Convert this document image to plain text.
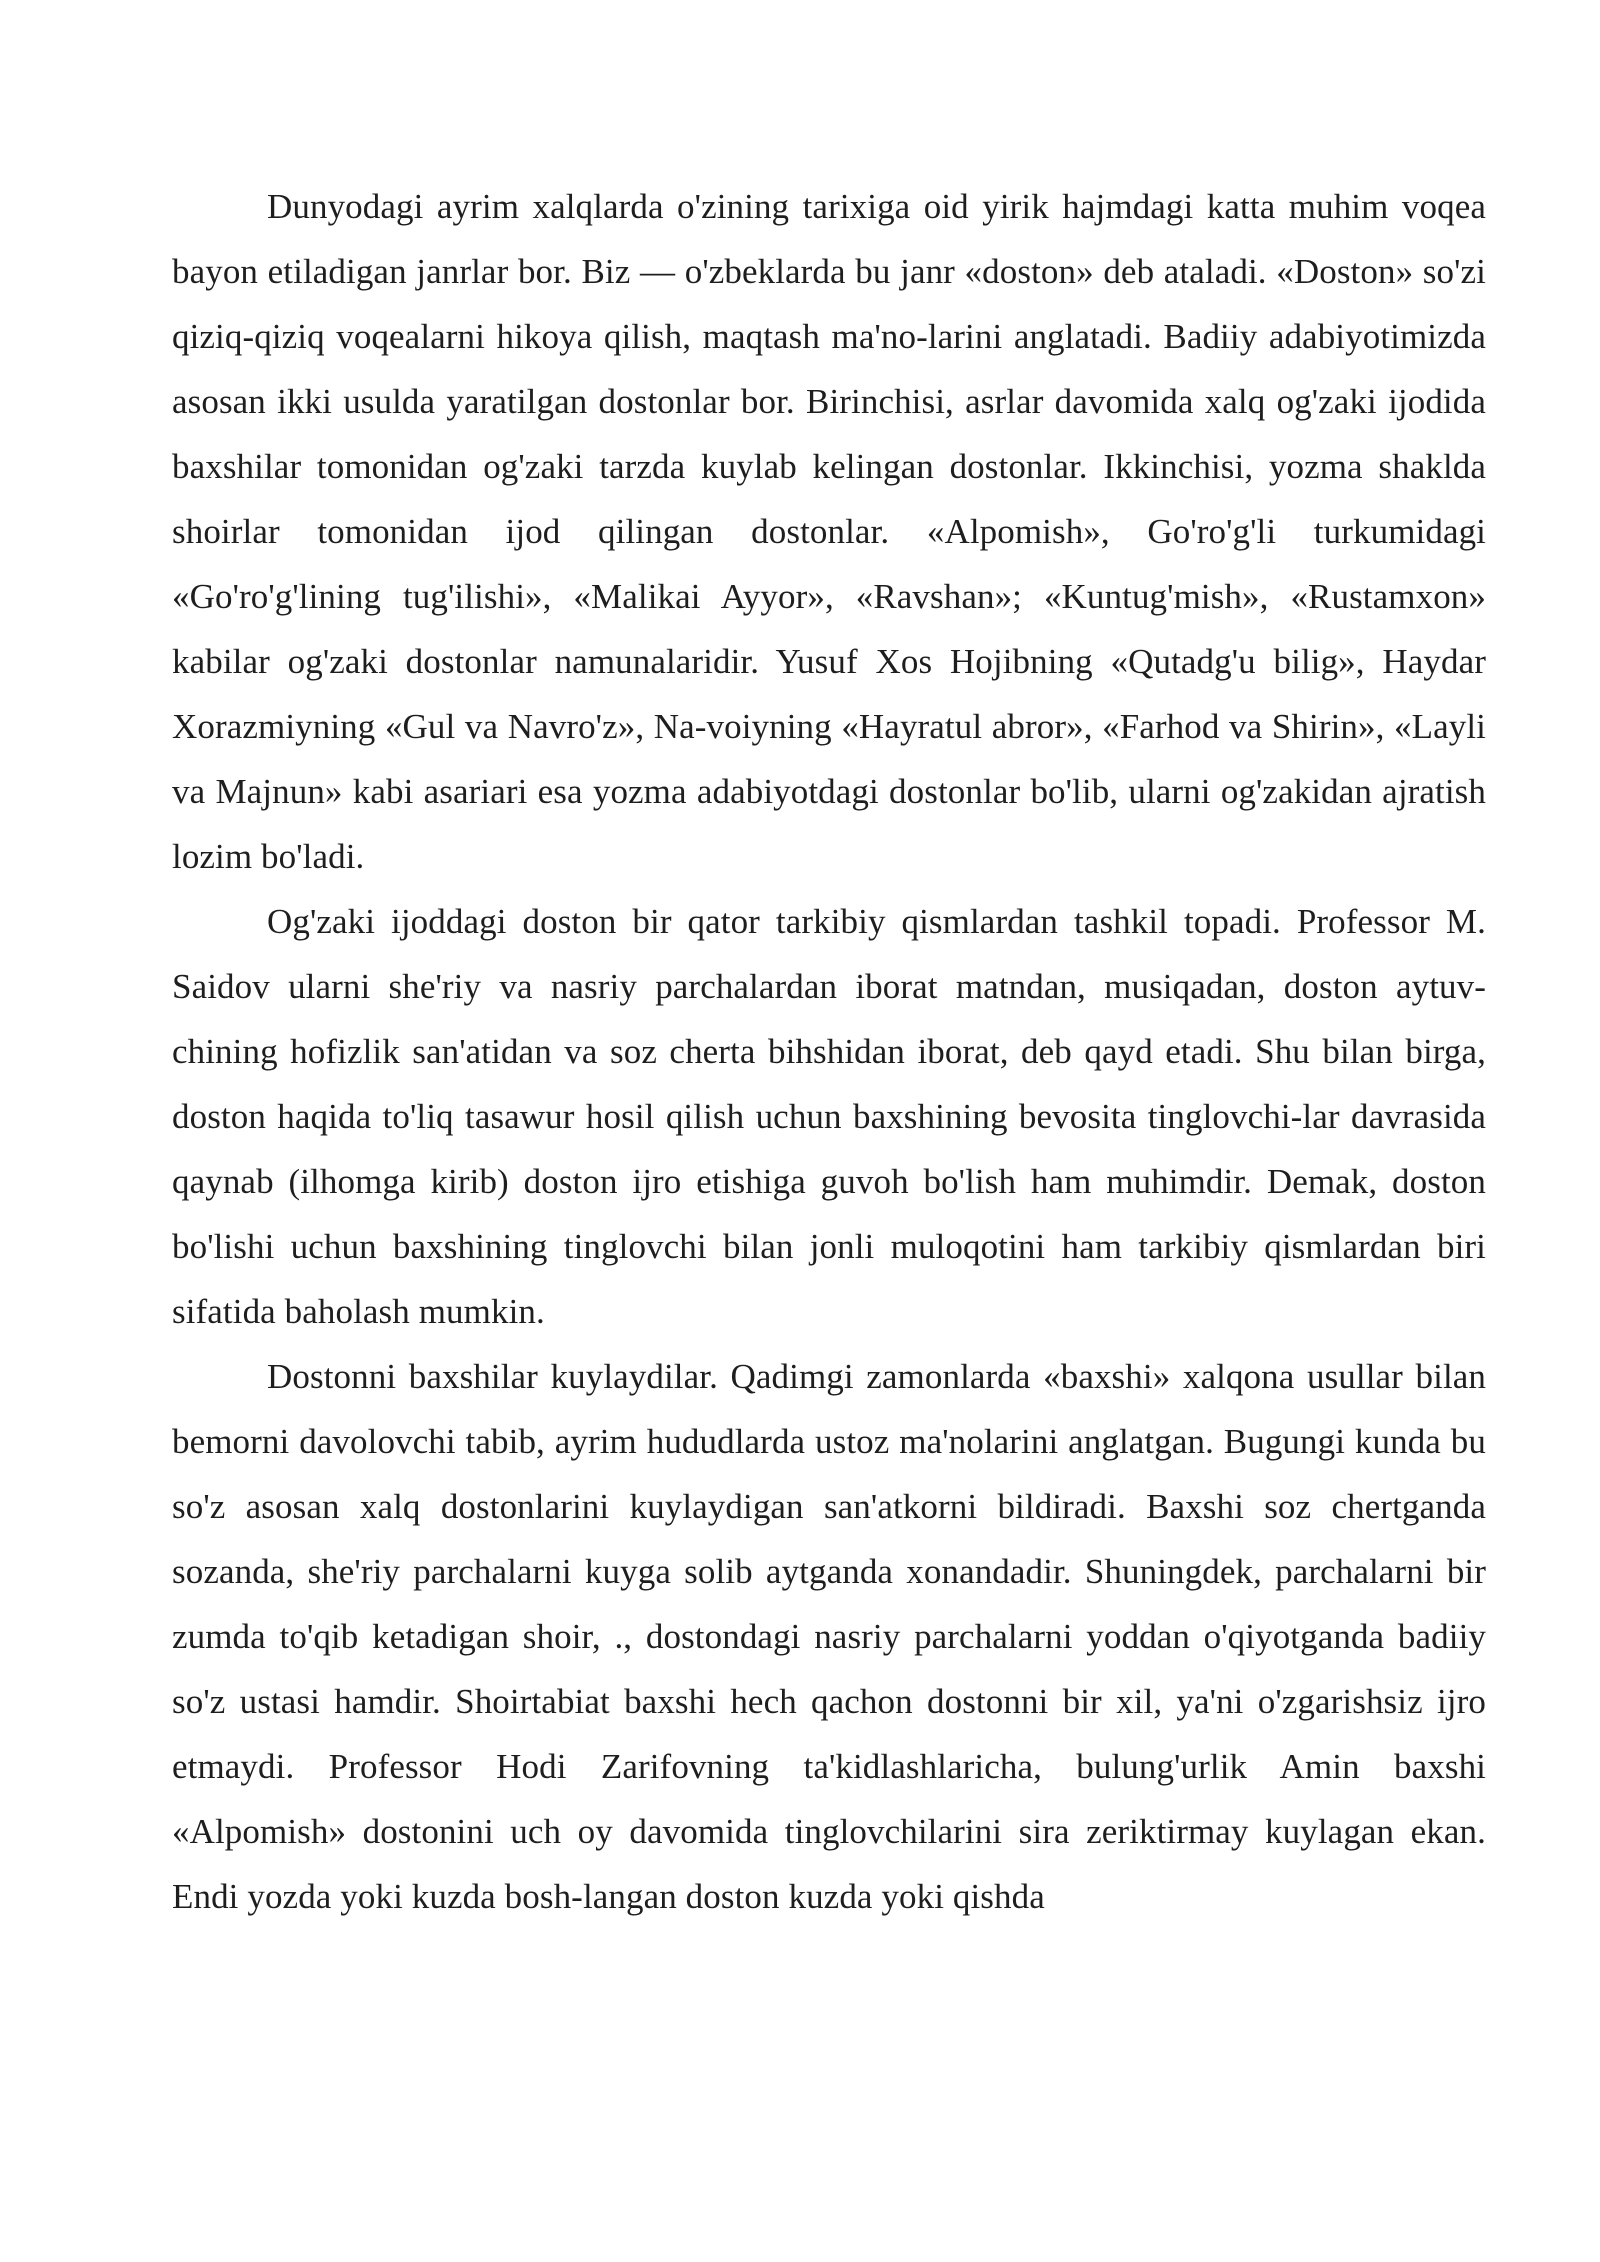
Dunyodagi ayrim xalqlarda o'zining tarixiga oid yirik hajmdagi katta muhim voqea bayon etiladigan janrlar bor. Biz — o'zbeklarda bu janr «doston» deb ataladi. «Doston» so'zi qiziq-qiziq voqealarni hikoya qilish, maqtash ma'no-larini anglatadi. Badiiy adabiyotimizda asosan ikki usulda yaratilgan dostonlar bor. Birinchisi, asrlar davomida xalq og'zaki ijodida baxshilar tomonidan og'zaki tarzda kuylab kelingan dostonlar. Ikkinchisi, yozma shaklda shoirlar tomonidan ijod qilingan dostonlar. «Alpomish», Go'ro'g'li turkumidagi «Go'ro'g'lining tug'ilishi», «Malikai Ayyor», «Ravshan»; «Kuntug'mish», «Rustamxon» kabilar og'zaki dostonlar namunalaridir. Yusuf Xos Hojibning «Qutadg'u bilig», Haydar Xorazmiyning «Gul va Navro'z», Na-voiyning «Hayratul abror», «Farhod va Shirin», «Layli va Majnun» kabi asariari esa yozma adabiyotdagi dostonlar bo'lib, ularni og'zakidan ajratish lozim bo'ladi.

Og'zaki ijoddagi doston bir qator tarkibiy qismlardan tashkil topadi. Professor M. Saidov ularni she'riy va nasriy parchalardan iborat matndan, musiqadan, doston aytuv-chining hofizlik san'atidan va soz cherta bihshidan iborat, deb qayd etadi. Shu bilan birga, doston haqida to'liq tasawur hosil qilish uchun baxshining bevosita tinglovchi-lar davrasida qaynab (ilhomga kirib) doston ijro etishiga guvoh bo'lish ham muhimdir. Demak, doston bo'lishi uchun baxshining tinglovchi bilan jonli muloqotini ham tarkibiy qismlardan biri sifatida baholash mumkin.

Dostonni baxshilar kuylaydilar. Qadimgi zamonlarda «baxshi» xalqona usullar bilan bemorni davolovchi tabib, ayrim hududlarda ustoz ma'nolarini anglatgan. Bugungi kunda bu so'z asosan xalq dostonlarini kuylaydigan san'atkorni bildiradi. Baxshi soz chertganda sozanda, she'riy parchalarni kuyga solib aytganda xonandadir. Shuningdek, parchalarni bir zumda to'qib ketadigan shoir, ., dostondagi nasriy parchalarni yoddan o'qiyotganda badiiy so'z ustasi hamdir. Shoirtabiat baxshi hech qachon dostonni bir xil, ya'ni o'zgarishsiz ijro etmaydi. Professor Hodi Zarifovning ta'kidlashlaricha, bulung'urlik Amin baxshi «Alpomish» dostonini uch oy davomida tinglovchilarini sira zeriktirmay kuylagan ekan. Endi yozda yoki kuzda bosh-langan doston kuzda yoki qishda
